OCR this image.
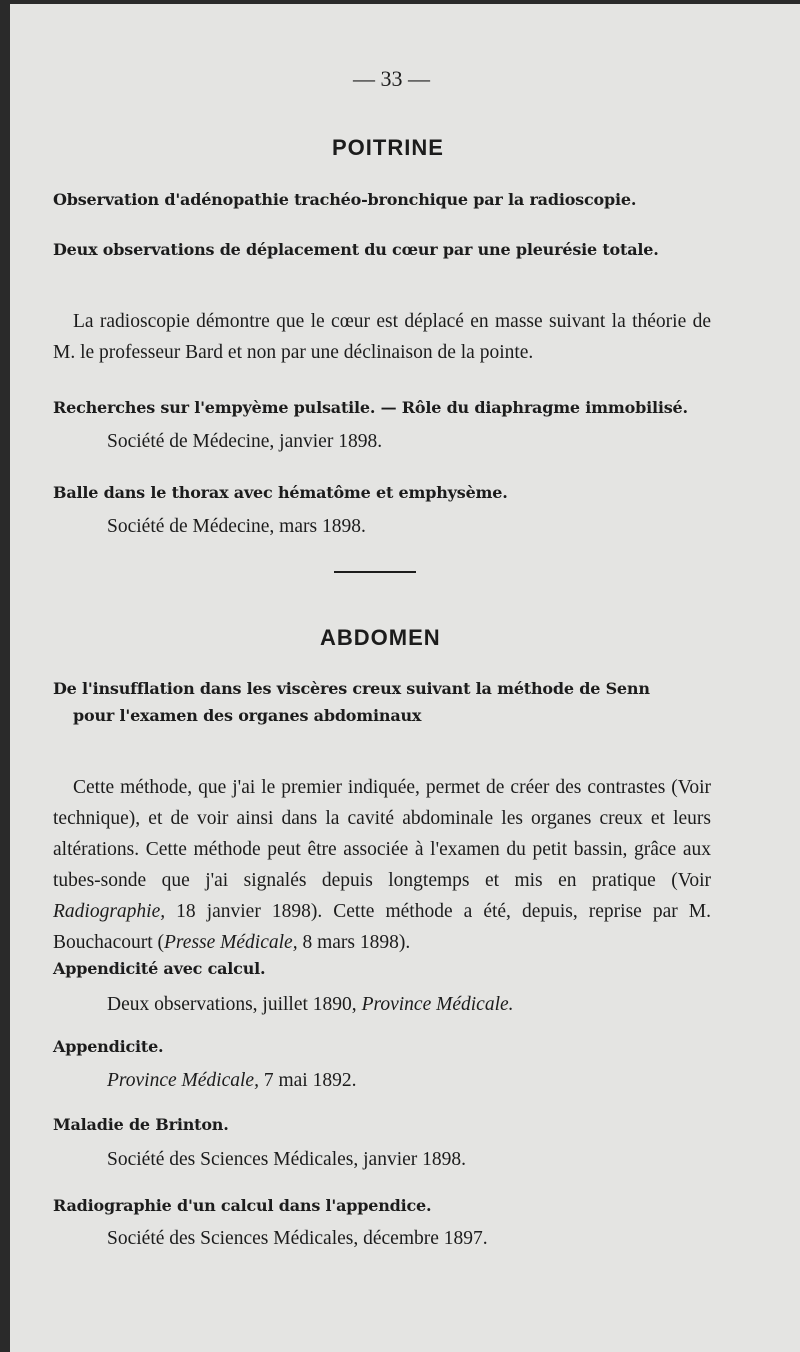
— 33 —

POITRINE

Observation d'adénopathie trachéo-bronchique par la radioscopie.

Deux observations de déplacement du cœur par une pleurésie totale.

La radioscopie démontre que le cœur est déplacé en masse suivant la théorie de M. le professeur Bard et non par une déclinaison de la pointe.

Recherches sur l'empyème pulsatile. — Rôle du diaphragme immobilisé.

Société de Médecine, janvier 1898.

Balle dans le thorax avec hématôme et emphysème.

Société de Médecine, mars 1898.

ABDOMEN

De l'insufflation dans les viscères creux suivant la méthode de Senn

pour l'examen des organes abdominaux

Cette méthode, que j'ai le premier indiquée, permet de créer des contrastes (Voir technique), et de voir ainsi dans la cavité abdominale les organes creux et leurs altérations. Cette méthode peut être associée à l'examen du petit bassin, grâce aux tubes-sonde que j'ai signalés depuis longtemps et mis en pratique (Voir Radiographie, 18 janvier 1898). Cette méthode a été, depuis, reprise par M. Bouchacourt (Presse Médicale, 8 mars 1898).

Appendicité avec calcul.

Deux observations, juillet 1890, Province Médicale.

Appendicite.

Province Médicale, 7 mai 1892.

Maladie de Brinton.

Société des Sciences Médicales, janvier 1898.

Radiographie d'un calcul dans l'appendice.

Société des Sciences Médicales, décembre 1897.
